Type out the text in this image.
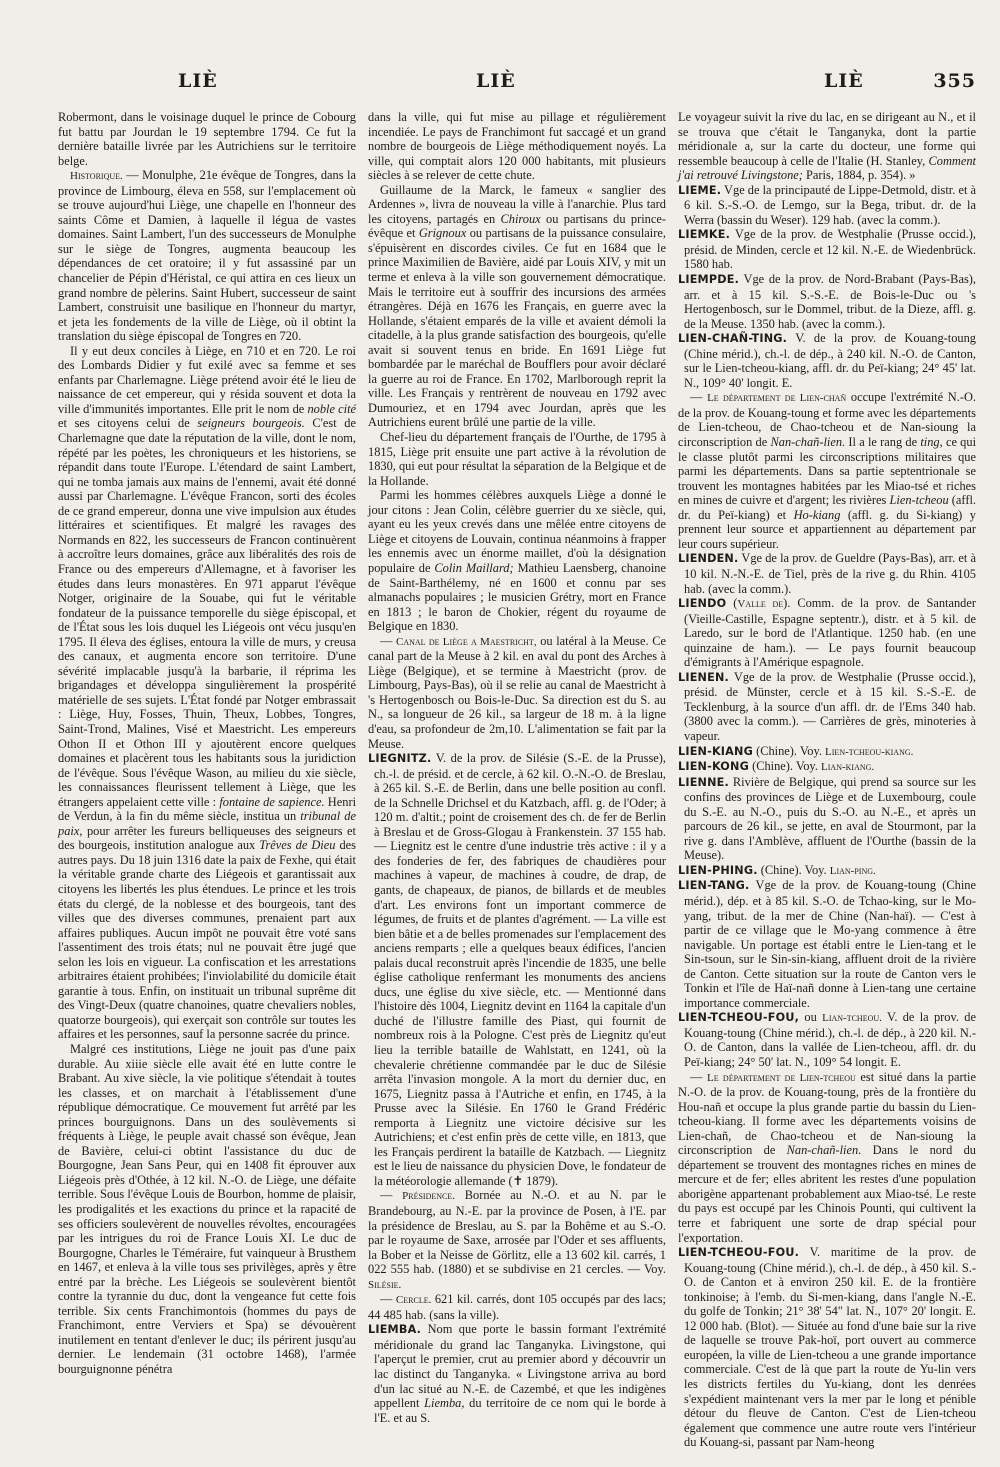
LIÈ	LIÈ	LIÈ	355

Robermont, dans le voisinage duquel le prince de Cobourg fut battu par Jourdan le 19 septembre 1794. Ce fut la dernière bataille livrée par les Autrichiens sur le territoire belge.

Historique. — Monulphe, 21e évêque de Tongres, dans la province de Limbourg, éleva en 558, sur l'emplacement où se trouve aujourd'hui Liège, une chapelle en l'honneur des saints Côme et Damien, à laquelle il légua de vastes domaines. Saint Lambert, l'un des successeurs de Monulphe sur le siège de Tongres, augmenta beaucoup les dépendances de cet oratoire; il y fut assassiné par un chancelier de Pépin d'Héristal, ce qui attira en ces lieux un grand nombre de pèlerins. Saint Hubert, successeur de saint Lambert, construisit une basilique en l'honneur du martyr, et jeta les fondements de la ville de Liège, où il obtint la translation du siège épiscopal de Tongres en 720.

Il y eut deux conciles à Liège, en 710 et en 720. Le roi des Lombards Didier y fut exilé avec sa femme et ses enfants par Charlemagne. Liège prétend avoir été le lieu de naissance de cet empereur, qui y résida souvent et dota la ville d'immunités importantes. Elle prit le nom de noble cité et ses citoyens celui de seigneurs bourgeois. C'est de Charlemagne que date la réputation de la ville, dont le nom, répété par les poètes, les chroniqueurs et les historiens, se répandit dans toute l'Europe. L'étendard de saint Lambert, qui ne tomba jamais aux mains de l'ennemi, avait été donné aussi par Charlemagne. L'évêque Francon, sorti des écoles de ce grand empereur, donna une vive impulsion aux études littéraires et scientifiques. Et malgré les ravages des Normands en 822, les successeurs de Francon continuèrent à accroître leurs domaines, grâce aux libéralités des rois de France ou des empereurs d'Allemagne, et à favoriser les études dans leurs monastères. En 971 apparut l'évêque Notger, originaire de la Souabe, qui fut le véritable fondateur de la puissance temporelle du siège épiscopal, et de l'État sous les lois duquel les Liégeois ont vécu jusqu'en 1795. Il éleva des églises, entoura la ville de murs, y creusa des canaux, et augmenta encore son territoire. D'une sévérité implacable jusqu'à la barbarie, il réprima les brigandages et développa singulièrement la prospérité matérielle de ses sujets. L'État fondé par Notger embrassait : Liège, Huy, Fosses, Thuin, Theux, Lobbes, Tongres, Saint-Trond, Malines, Visé et Maestricht. Les empereurs Othon II et Othon III y ajoutèrent encore quelques domaines et placèrent tous les habitants sous la juridiction de l'évêque. Sous l'évêque Wason, au milieu du xie siècle, les connaissances fleurissent tellement à Liège, que les étrangers appelaient cette ville : fontaine de sapience. Henri de Verdun, à la fin du même siècle, institua un tribunal de paix, pour arrêter les fureurs belliqueuses des seigneurs et des bourgeois, institution analogue aux Trêves de Dieu des autres pays. Du 18 juin 1316 date la paix de Fexhe, qui était la véritable grande charte des Liégeois et garantissait aux citoyens les libertés les plus étendues. Le prince et les trois états du clergé, de la noblesse et des bourgeois, tant des villes que des diverses communes, prenaient part aux affaires publiques. Aucun impôt ne pouvait être voté sans l'assentiment des trois états; nul ne pouvait être jugé que selon les lois en vigueur. La confiscation et les arrestations arbitraires étaient prohibées; l'inviolabilité du domicile était garantie à tous. Enfin, on instituait un tribunal suprême dit des Vingt-Deux (quatre chanoines, quatre chevaliers nobles, quatorze bourgeois), qui exerçait son contrôle sur toutes les affaires et les personnes, sauf la personne sacrée du prince.

Malgré ces institutions, Liège ne jouit pas d'une paix durable. Au xiiie siècle elle avait été en lutte contre le Brabant. Au xive siècle, la vie politique s'étendait à toutes les classes, et on marchait à l'établissement d'une république démocratique. Ce mouvement fut arrêté par les princes bourguignons. Dans un des soulèvements si fréquents à Liège, le peuple avait chassé son évêque, Jean de Bavière, celui-ci obtint l'assistance du duc de Bourgogne, Jean Sans Peur, qui en 1408 fit éprouver aux Liégeois près d'Othée, à 12 kil. N.-O. de Liège, une défaite terrible. Sous l'évêque Louis de Bourbon, homme de plaisir, les prodigalités et les exactions du prince et la rapacité de ses officiers soulevèrent de nouvelles révoltes, encouragées par les intrigues du roi de France Louis XI. Le duc de Bourgogne, Charles le Téméraire, fut vainqueur à Brusthem en 1467, et enleva à la ville tous ses privilèges, après y être entré par la brèche. Les Liégeois se soulevèrent bientôt contre la tyrannie du duc, dont la vengeance fut cette fois terrible. Six cents Franchimontois (hommes du pays de Franchimont, entre Verviers et Spa) se dévouèrent inutilement en tentant d'enlever le duc; ils périrent jusqu'au dernier. Le lendemain (31 octobre 1468), l'armée bourguignonne pénétra

dans la ville, qui fut mise au pillage et régulièrement incendiée. Le pays de Franchimont fut saccagé et un grand nombre de bourgeois de Liège méthodiquement noyés. La ville, qui comptait alors 120 000 habitants, mit plusieurs siècles à se relever de cette chute.

Guillaume de la Marck, le fameux « sanglier des Ardennes », livra de nouveau la ville à l'anarchie. Plus tard les citoyens, partagés en Chiroux ou partisans du prince-évêque et Grignoux ou partisans de la puissance consulaire, s'épuisèrent en discordes civiles. Ce fut en 1684 que le prince Maximilien de Bavière, aidé par Louis XIV, y mit un terme et enleva à la ville son gouvernement démocratique. Mais le territoire eut à souffrir des incursions des armées étrangères. Déjà en 1676 les Français, en guerre avec la Hollande, s'étaient emparés de la ville et avaient démoli la citadelle, à la plus grande satisfaction des bourgeois, qu'elle avait si souvent tenus en bride. En 1691 Liège fut bombardée par le maréchal de Boufflers pour avoir déclaré la guerre au roi de France. En 1702, Marlborough reprit la ville. Les Français y rentrèrent de nouveau en 1792 avec Dumouriez, et en 1794 avec Jourdan, après que les Autrichiens eurent brûlé une partie de la ville.

Chef-lieu du département français de l'Ourthe, de 1795 à 1815, Liège prit ensuite une part active à la révolution de 1830, qui eut pour résultat la séparation de la Belgique et de la Hollande.

Parmi les hommes célèbres auxquels Liège a donné le jour citons : Jean Colin, célèbre guerrier du xe siècle, qui, ayant eu les yeux crevés dans une mêlée entre citoyens de Liège et citoyens de Louvain, continua néanmoins à frapper les ennemis avec un énorme maillet, d'où la désignation populaire de Colin Maillard; Mathieu Laensberg, chanoine de Saint-Barthélemy, né en 1600 et connu par ses almanachs populaires ; le musicien Grétry, mort en France en 1813 ; le baron de Chokier, régent du royaume de Belgique en 1830.

— Canal de Liège a Maestricht, ou latéral à la Meuse. Ce canal part de la Meuse à 2 kil. en aval du pont des Arches à Liège (Belgique), et se termine à Maestricht (prov. de Limbourg, Pays-Bas), où il se relie au canal de Maestricht à 's Hertogenbosch ou Bois-le-Duc. Sa direction est du S. au N., sa longueur de 26 kil., sa largeur de 18 m. à la ligne d'eau, sa profondeur de 2m,10. L'alimentation se fait par la Meuse.

LIEGNITZ. V. de la prov. de Silésie (S.-E. de la Prusse), ch.-l. de présid. et de cercle, à 62 kil. O.-N.-O. de Breslau, à 265 kil. S.-E. de Berlin, dans une belle position au confl. de la Schnelle Drichsel et du Katzbach, affl. g. de l'Oder; à 120 m. d'altit.; point de croisement des ch. de fer de Berlin à Breslau et de Gross-Glogau à Frankenstein. 37 155 hab. — Liegnitz est le centre d'une industrie très active : il y a des fonderies de fer, des fabriques de chaudières pour machines à vapeur, de machines à coudre, de drap, de gants, de chapeaux, de pianos, de billards et de meubles d'art. Les environs font un important commerce de légumes, de fruits et de plantes d'agrément. — La ville est bien bâtie et a de belles promenades sur l'emplacement des anciens remparts ; elle a quelques beaux édifices, l'ancien palais ducal reconstruit après l'incendie de 1835, une belle église catholique renfermant les monuments des anciens ducs, une église du xive siècle, etc. — Mentionné dans l'histoire dès 1004, Liegnitz devint en 1164 la capitale d'un duché de l'illustre famille des Piast, qui fournit de nombreux rois à la Pologne. C'est près de Liegnitz qu'eut lieu la terrible bataille de Wahlstatt, en 1241, où la chevalerie chrétienne commandée par le duc de Silésie arrêta l'invasion mongole. A la mort du dernier duc, en 1675, Liegnitz passa à l'Autriche et enfin, en 1745, à la Prusse avec la Silésie. En 1760 le Grand Frédéric remporta à Liegnitz une victoire décisive sur les Autrichiens; et c'est enfin près de cette ville, en 1813, que les Français perdirent la bataille de Katzbach. — Liegnitz est le lieu de naissance du physicien Dove, le fondateur de la météorologie allemande (✝ 1879).

— Présidence. Bornée au N.-O. et au N. par le Brandebourg, au N.-E. par la province de Posen, à l'E. par la présidence de Breslau, au S. par la Bohême et au S.-O. par le royaume de Saxe, arrosée par l'Oder et ses affluents, la Bober et la Neisse de Görlitz, elle a 13 602 kil. carrés, 1 022 555 hab. (1880) et se subdivise en 21 cercles. — Voy. Silésie.

— Cercle. 621 kil. carrés, dont 105 occupés par des lacs; 44 485 hab. (sans la ville).

LIEMBA. Nom que porte le bassin formant l'extrémité méridionale du grand lac Tanganyka. Livingstone, qui l'aperçut le premier, crut au premier abord y découvrir un lac distinct du Tanganyka. « Livingstone arriva au bord d'un lac situé au N.-E. de Cazembé, et que les indigènes appellent Liemba, du territoire de ce nom qui le borde à l'E. et au S.

Le voyageur suivit la rive du lac, en se dirigeant au N., et il se trouva que c'était le Tanganyka, dont la partie méridionale a, sur la carte du docteur, une forme qui ressemble beaucoup à celle de l'Italie (H. Stanley, Comment j'ai retrouvé Livingstone; Paris, 1884, p. 354). »

LIEME. Vge de la principauté de Lippe-Detmold, distr. et à 6 kil. S.-S.-O. de Lemgo, sur la Bega, tribut. dr. de la Werra (bassin du Weser). 129 hab. (avec la comm.).

LIEMKE. Vge de la prov. de Westphalie (Prusse occid.), présid. de Minden, cercle et 12 kil. N.-E. de Wiedenbrück. 1580 hab.

LIEMPDE. Vge de la prov. de Nord-Brabant (Pays-Bas), arr. et à 15 kil. S.-S.-E. de Bois-le-Duc ou 's Hertogenbosch, sur le Dommel, tribut. de la Dieze, affl. g. de la Meuse. 1350 hab. (avec la comm.).

LIEN-CHAÑ-TING. V. de la prov. de Kouang-toung (Chine mérid.), ch.-l. de dép., à 240 kil. N.-O. de Canton, sur le Lien-tcheou-kiang, affl. dr. du Peï-kiang; 24° 45' lat. N., 109° 40' longit. E.

— Le département de Lien-chañ occupe l'extrémité N.-O. de la prov. de Kouang-toung et forme avec les départements de Lien-tcheou, de Chao-tcheou et de Nan-sioung la circonscription de Nan-chañ-lien. Il a le rang de ting, ce qui le classe plutôt parmi les circonscriptions militaires que parmi les départements. Dans sa partie septentrionale se trouvent les montagnes habitées par les Miao-tsé et riches en mines de cuivre et d'argent; les rivières Lien-tcheou (affl. dr. du Peï-kiang) et Ho-kiang (affl. g. du Si-kiang) y prennent leur source et appartiennent au département par leur cours supérieur.

LIENDEN. Vge de la prov. de Gueldre (Pays-Bas), arr. et à 10 kil. N.-N.-E. de Tiel, près de la rive g. du Rhin. 4105 hab. (avec la comm.).

LIENDO (Valle de). Comm. de la prov. de Santander (Vieille-Castille, Espagne septentr.), distr. et à 5 kil. de Laredo, sur le bord de l'Atlantique. 1250 hab. (en une quinzaine de ham.). — Le pays fournit beaucoup d'émigrants à l'Amérique espagnole.

LIENEN. Vge de la prov. de Westphalie (Prusse occid.), présid. de Münster, cercle et à 15 kil. S.-S.-E. de Tecklenburg, à la source d'un affl. dr. de l'Ems 340 hab. (3800 avec la comm.). — Carrières de grès, minoteries à vapeur.

LIEN-KIANG (Chine). Voy. Lien-tcheou-kiang.

LIEN-KONG (Chine). Voy. Lian-kiang.

LIENNE. Rivière de Belgique, qui prend sa source sur les confins des provinces de Liège et de Luxembourg, coule du S.-E. au N.-O., puis du S.-O. au N.-E., et après un parcours de 26 kil., se jette, en aval de Stourmont, par la rive g. dans l'Amblève, affluent de l'Ourthe (bassin de la Meuse).

LIEN-PHING. (Chine). Voy. Lian-ping.

LIEN-TANG. Vge de la prov. de Kouang-toung (Chine mérid.), dép. et à 85 kil. S.-O. de Tchao-king, sur le Mo-yang, tribut. de la mer de Chine (Nan-haï). — C'est à partir de ce village que le Mo-yang commence à être navigable. Un portage est établi entre le Lien-tang et le Sin-tsoun, sur le Sin-sin-kiang, affluent droit de la rivière de Canton. Cette situation sur la route de Canton vers le Tonkin et l'île de Haï-nañ donne à Lien-tang une certaine importance commerciale.

LIEN-TCHEOU-FOU, ou Lian-tcheou. V. de la prov. de Kouang-toung (Chine mérid.), ch.-l. de dép., à 220 kil. N.-O. de Canton, dans la vallée de Lien-tcheou, affl. dr. du Peï-kiang; 24° 50' lat. N., 109° 54 longit. E.

— Le département de Lien-tcheou est situé dans la partie N.-O. de la prov. de Kouang-toung, près de la frontière du Hou-nañ et occupe la plus grande partie du bassin du Lien-tcheou-kiang. Il forme avec les départements voisins de Lien-chañ, de Chao-tcheou et de Nan-sioung la circonscription de Nan-chañ-lien. Dans le nord du département se trouvent des montagnes riches en mines de mercure et de fer; elles abritent les restes d'une population aborigène appartenant probablement aux Miao-tsé. Le reste du pays est occupé par les Chinois Pounti, qui cultivent la terre et fabriquent une sorte de drap spécial pour l'exportation.

LIEN-TCHEOU-FOU. V. maritime de la prov. de Kouang-toung (Chine mérid.), ch.-l. de dép., à 450 kil. S.-O. de Canton et à environ 250 kil. E. de la frontière tonkinoise; à l'emb. du Si-men-kiang, dans l'angle N.-E. du golfe de Tonkin; 21° 38' 54" lat. N., 107° 20' longit. E. 12 000 hab. (Blot). — Située au fond d'une baie sur la rive de laquelle se trouve Pak-hoï, port ouvert au commerce européen, la ville de Lien-tcheou a une grande importance commerciale. C'est de là que part la route de Yu-lin vers les districts fertiles du Yu-kiang, dont les denrées s'expédient maintenant vers la mer par le long et pénible détour du fleuve de Canton. C'est de Lien-tcheou également que commence une autre route vers l'intérieur du Kouang-si, passant par Nam-heong
